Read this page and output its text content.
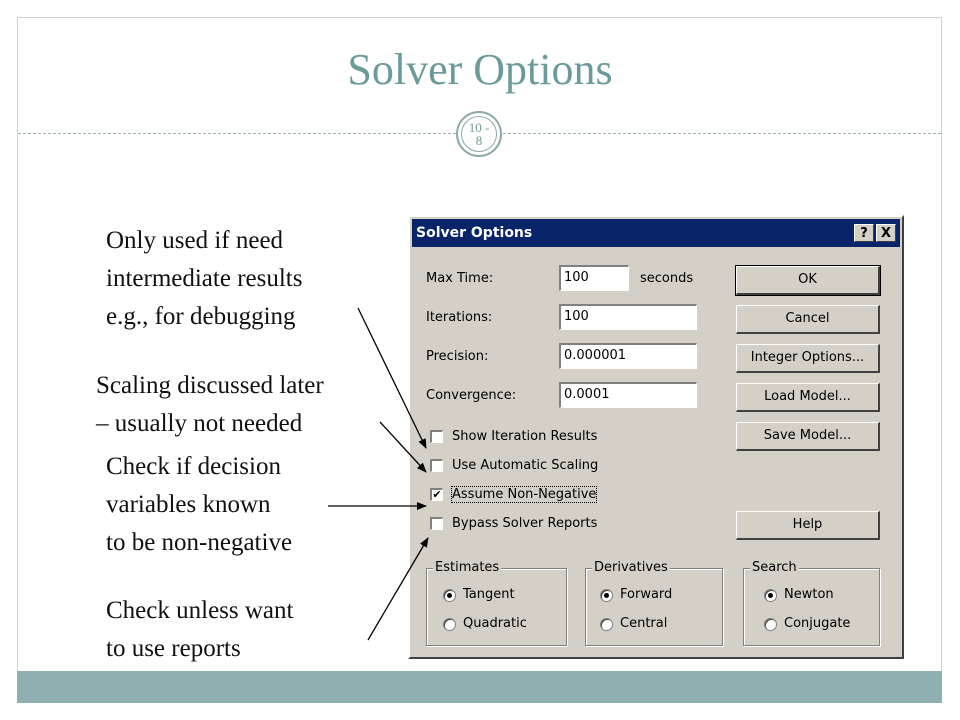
Solver Options
10 - 8
Only used if need
intermediate results
e.g., for debugging
Scaling discussed later
– usually not needed
Check if decision
variables known
to be non-negative
Check unless want
to use reports
Solver Options	?	X
Max Time:	100	seconds
Iterations:	100
Precision:	0.000001
Convergence:	0.0001
OK
Cancel
Integer Options...
Load Model...
Save Model...
Help
Show Iteration Results
Use Automatic Scaling
✔ Assume Non-Negative
Bypass Solver Reports
Estimates
Tangent
Quadratic
Derivatives
Forward
Central
Search
Newton
Conjugate
